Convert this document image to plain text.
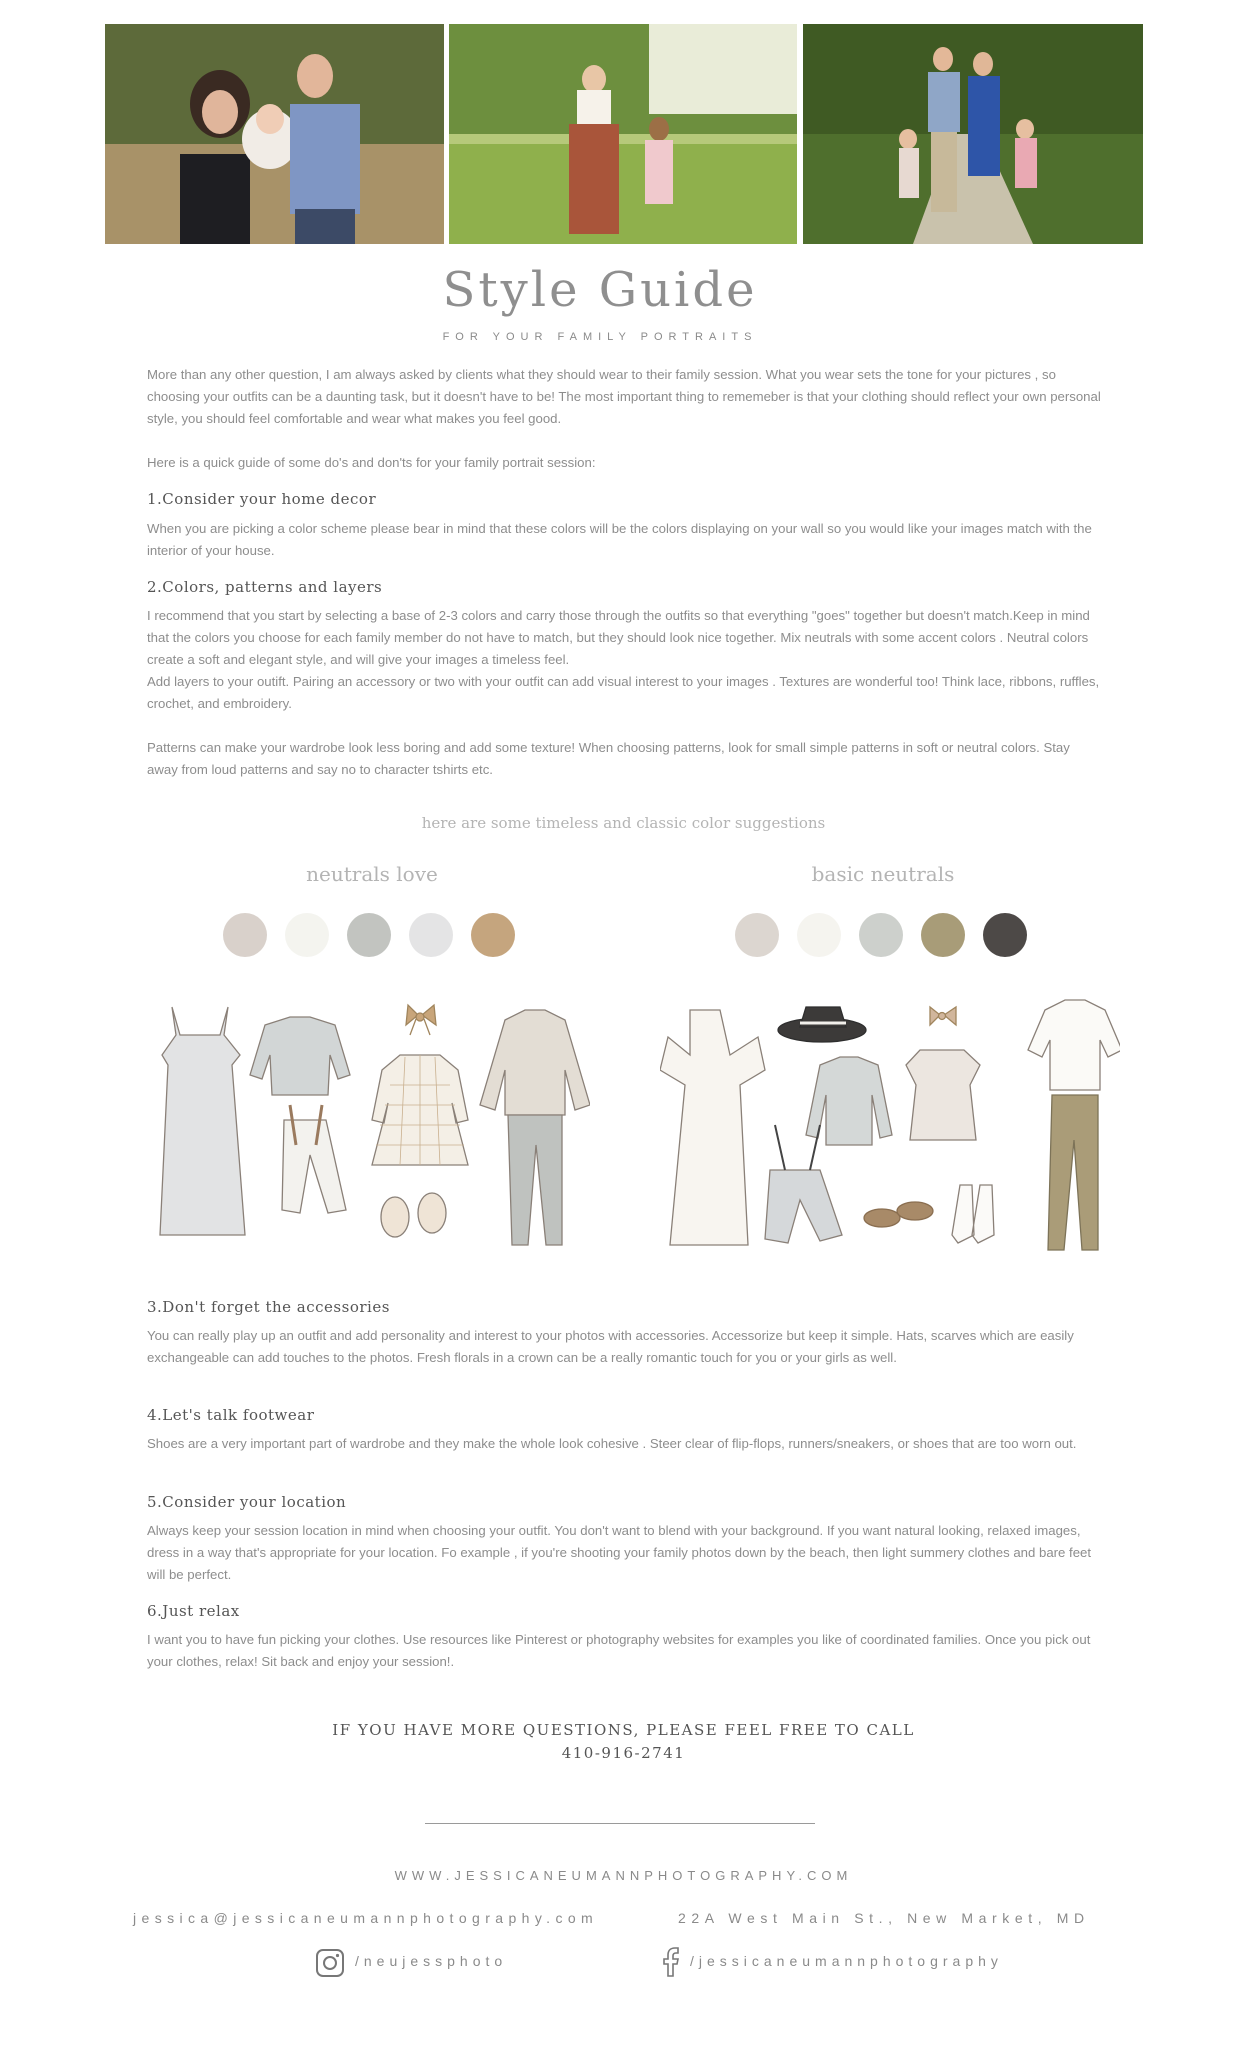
Style Guide
FOR YOUR FAMILY PORTRAITS
More than any other question, I am always asked by clients what they should wear to their family session. What you wear sets the tone for your pictures , so choosing your outfits can be a daunting task, but it doesn't have to be! The most important thing to rememeber is that your clothing should reflect your own personal style, you should feel comfortable and wear what makes you feel good.
Here is a quick guide of some do's and don'ts for your family portrait session:
1.Consider your home decor
When you are picking a color scheme please bear in mind that these colors will be the colors displaying on your wall so you would like your images match with the interior of your house.
2.Colors, patterns and layers
I recommend that you start by selecting a base of 2-3 colors and carry those through the outfits so that everything "goes" together but doesn't match.Keep in mind that the colors you choose for each family member do not have to match, but they should look nice together. Mix neutrals with some accent colors . Neutral colors create a soft and elegant style, and will give your images a timeless feel.
Add layers to your outift. Pairing an accessory or two with your outfit can add visual interest to your images . Textures are wonderful too! Think lace, ribbons, ruffles, crochet, and embroidery.
Patterns can make your wardrobe look less boring and add some texture! When choosing patterns, look for small simple patterns in soft or neutral colors. Stay away from loud patterns and say no to character tshirts etc.
here are some timeless and classic color suggestions
neutrals love	basic neutrals
3.Don't forget the accessories
You can really play up an outfit and add personality and interest to your photos with accessories. Accessorize but keep it simple. Hats, scarves which are easily exchangeable can add touches to the photos. Fresh florals in a crown can be a really romantic touch for you or your girls as well.
4.Let's talk footwear
Shoes are a very important part of wardrobe and they make the whole look cohesive . Steer clear of flip-flops, runners/sneakers, or shoes that are too worn out.
5.Consider your location
Always keep your session location in mind when choosing your outfit. You don't want to blend with your background. If you want natural looking, relaxed images, dress in a way that's appropriate for your location. Fo example , if you're shooting your family photos down by the beach, then light summery clothes and bare feet will be perfect.
6.Just relax
I want you to have fun picking your clothes. Use resources like Pinterest or photography websites for examples you like of coordinated families. Once you pick out your clothes, relax! Sit back and enjoy your session!.
IF YOU HAVE MORE QUESTIONS, PLEASE FEEL FREE TO CALL
410-916-2741
WWW.JESSICANEUMANNPHOTOGRAPHY.COM
jessica@jessicaneumannphotography.com	22A West Main St., New Market, MD
/neujessphoto	/jessicaneumannphotography
